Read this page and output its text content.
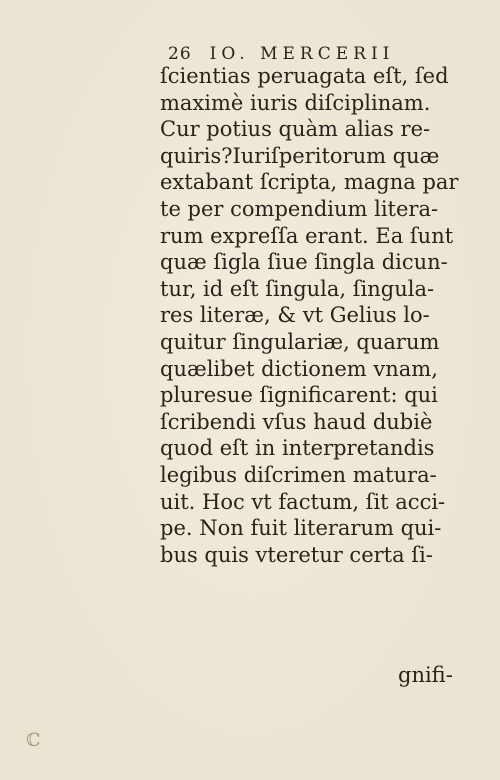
26 IO. MERCERII
ſcientias peruagata eſt, ſed
maximè iuris diſciplinam.
Cur potius quàm alias re-
quiris?Iuriſperitorum quæ
extabant ſcripta, magna par
te per compendium litera-
rum expreſſa erant. Ea ſunt
quæ ſigla ſiue ſingla dicun-
tur, id eſt ſingula, ſingula-
res literæ, & vt Gelius lo-
quitur ſingulariæ, quarum
quælibet dictionem vnam,
pluresue ſignificarent: qui
ſcribendi vſus haud dubiè
quod eſt in interpretandis
legibus diſcrimen matura-
uit. Hoc vt factum, ſit acci-
pe. Non fuit literarum qui-
bus quis vteretur certa ſi-
gnifi-
ℂ
